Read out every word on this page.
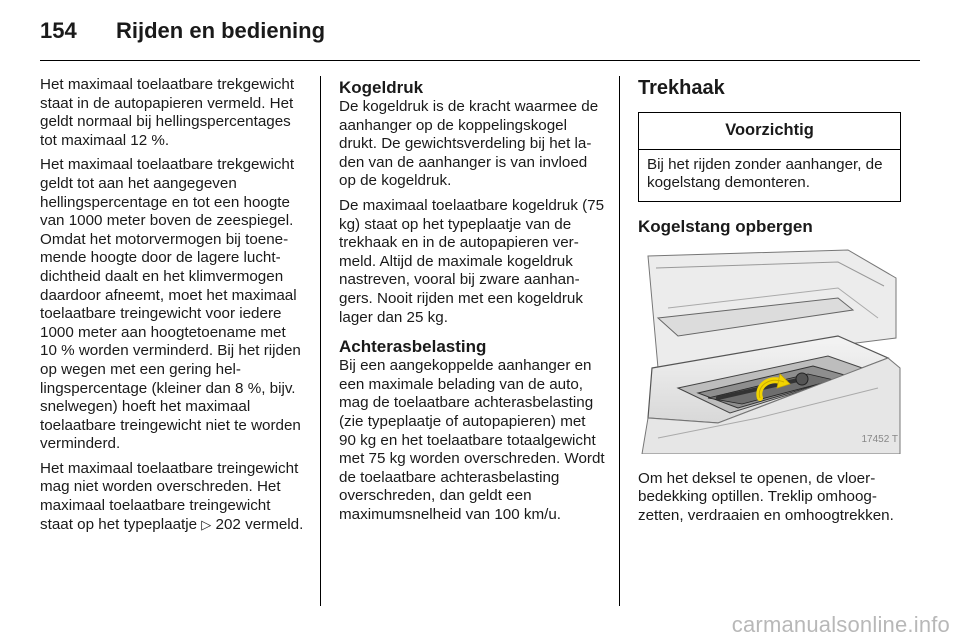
154	Rijden en bediening

Het maximaal toelaatbare trekgewicht staat in de autopapieren vermeld. Het geldt normaal bij hellingspercentages tot maximaal 12 %.

Het maximaal toelaatbare trekgewicht geldt tot aan het aangegeven hellingspercentage en tot een hoogte van 1000 meter boven de zeespiegel. Omdat het motorvermogen bij toenemende hoogte door de lagere luchtdichtheid daalt en het klimvermogen daardoor afneemt, moet het maximaal toelaatbare treingewicht voor iedere 1000 meter aan hoogtetoename met 10 % worden verminderd. Bij het rijden op wegen met een gering hellingspercentage (kleiner dan 8 %, bijv. snelwegen) hoeft het maximaal toelaatbare treingewicht niet te worden verminderd.

Het maximaal toelaatbare treingewicht mag niet worden overschreden. Het maximaal toelaatbare treingewicht staat op het typeplaatje ▷ 202 vermeld.

Kogeldruk

De kogeldruk is de kracht waarmee de aanhanger op de koppelingskogel drukt. De gewichtsverdeling bij het laden van de aanhanger is van invloed op de kogeldruk.

De maximaal toelaatbare kogeldruk (75 kg) staat op het typeplaatje van de trekhaak en in de autopapieren vermeld. Altijd de maximale kogeldruk nastreven, vooral bij zware aanhangers. Nooit rijden met een kogeldruk lager dan 25 kg.

Achterasbelasting

Bij een aangekoppelde aanhanger en een maximale belading van de auto, mag de toelaatbare achterasbelasting (zie typeplaatje of autopapieren) met 90 kg en het toelaatbare totaalgewicht met 75 kg worden overschreden. Wordt de toelaatbare achterasbelasting overschreden, dan geldt een maximumsnelheid van 100 km/u.

Trekhaak
Voorzichtig
Bij het rijden zonder aanhanger, de kogelstang demonteren.
Kogelstang opbergen
17452 T

Om het deksel te openen, de vloerbedekking optillen. Treklip omhoogzetten, verdraaien en omhoogtrekken.

carmanualsonline.info
